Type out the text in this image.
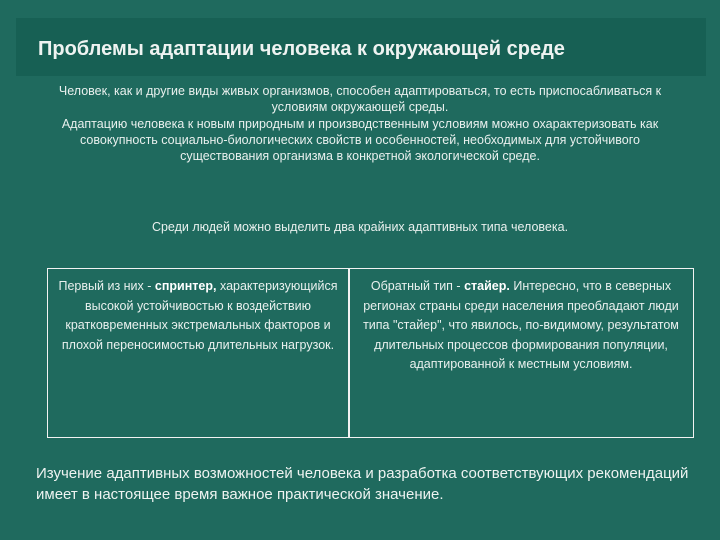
Проблемы адаптации человека к окружающей среде

Человек, как и другие виды живых организмов, способен адаптироваться, то есть приспосабливаться к условиям окружающей среды.

Адаптацию человека к новым природным и производственным условиям можно охарактеризовать как совокупность социально-биологических свойств и особенностей, необходимых для устойчивого существования организма в конкретной экологической среде.

Среди людей можно выделить два крайних адаптивных типа человека.

Первый из них - спринтер, характеризующийся высокой устойчивостью к воздействию кратковременных экстремальных факторов и плохой переносимостью длительных нагрузок.
Обратный тип - стайер. Интересно, что в северных регионах страны среди населения преобладают люди типа "стайер", что явилось, по-видимому, результатом длительных процессов формирования популяции, адаптированной к местным условиям.

Изучение адаптивных возможностей человека и разработка соответствующих рекомендаций имеет в настоящее время важное практической значение.
